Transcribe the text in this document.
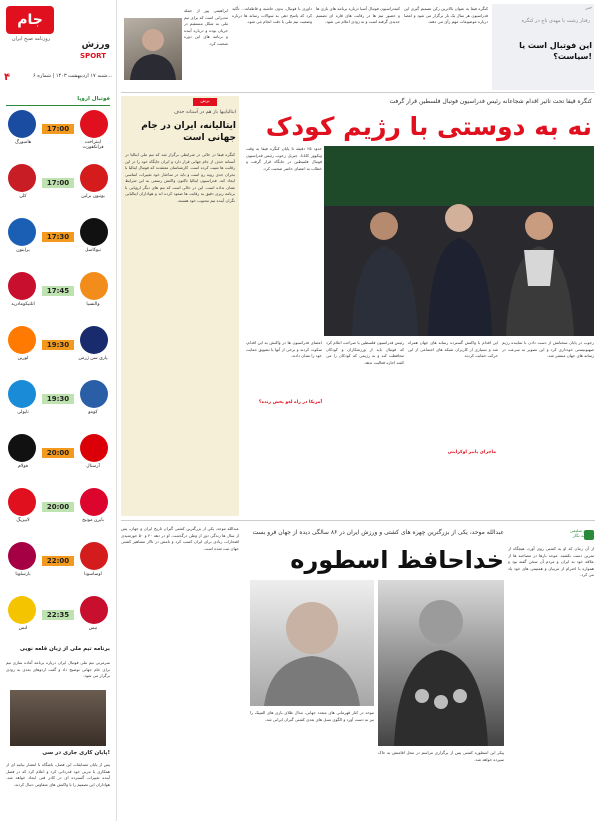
جام جم
روزنامه صبح ایران
ورزش
SPORT
۴	شنبه ۱۷ اردیبهشت ۱۴۰۳ | شماره ۶...
فوتبال اروپا
17:00
اینتراخت فرانکفورت
هامبورگ
17:00
یونیون برلین
کلن
17:30
نیوکاسل
برایتون
17:45
والنسیا
اتلتیکومادرید
19:30
پاری سن ژرمن
لورین
19:30
کومو
ناپولی
20:00
آرسنال
فولام
20:00
بایرن مونیخ
لایپزیگ
22:00
اوساسونا
بارسلونا
22:35
نیس
لنس
برنامه تیم ملی از زبان قلعه نویی
سرمربی تیم ملی فوتبال ایران درباره برنامه آماده سازی تیم برای جام جهانی توضیح داد و گفت اردوهای بعدی به زودی برگزار می شود.
پایان کاری جاری در سی!
پس از پایان مسابقات این فصل، باشگاه با انتشار بیانیه ای از همکاری با مربی خود قدردانی کرد و اعلام کرد که در فصل آینده تغییرات گسترده ای در کادر فنی ایجاد خواهد شد. هواداران این تصمیم را با واکنش های متفاوتی دنبال کردند.
ابراهیمی پور از جمله مدیرانی است که برای تیم ملی به شکل مستقیم در جریان بوده و درباره آینده و برنامه های این دوره صحبت کرد.
داوری با فوتبال، بدون حاشیه و قاطعانه... تأکید کرد که پاسخ دهی به سوالات رسانه ها درباره وضعیت تیم ملی با دقت انجام می شود.
کنفدراسیون فوتبال آسیا درباره برنامه های بازی ها و حضور تیم ها در رقابت های قاره ای تصمیم جدیدی گرفته است و به زودی اعلام می شود.
کنگره فیفا به عنوان بالاترین رکن تصمیم گیری این فدراسیون هر سال یک بار برگزار می شود و اعضا درباره موضوعات مهم رأی می دهند.
خبر
رفتار زشت با مهدی تاج در کنگره
این فوتبال است یا سیاست؟!
برش
ایتالیاییها باز هم در آستانه حذف
ایتالیانه، ایران در جام جهانی است
کنگره فیفا در حالی در شرایطی برگزار شد که تیم ملی ایتالیا در آستانه حذف از جام جهانی قرار دارد و ایران جایگاه خود را در این رقابت ها تثبیت کرده است. کارشناسان معتقدند که فوتبال ایتالیا با بحران جدی روبه رو است و باید در ساختار خود تغییرات اساسی ایجاد کند. فدراسیون ایتالیا تاکنون واکنش رسمی به این شرایط نشان نداده است. این در حالی است که تیم های دیگر اروپایی با برنامه ریزی دقیق به رقابت ها صعود کرده اند و هواداران ایتالیایی نگران آینده تیم محبوب خود هستند.
کنگره فیفا تحت تاثیر اقدام شجاعانه رئیس فدراسیون فوتبال فلسطین قرار گرفت
نه به دوستی با رژیم کودک
حدود ۲۵ دقیقه تا پایان کنگره فیفا به وقت ونکوور کانادا، جبریل رجوب رئیس فدراسیون فوتبال فلسطین در جایگاه قرار گرفت و خطاب به اعضای حاضر صحبت کرد.
اعضای فدراسیون ها در واکنش به این اقدام، سکوت کردند و برخی از آنها با تشویق حمایت خود را نشان دادند.
آمریکا در راه لغو پخش زنده؟
رئیس فدراسیون فلسطین با صراحت اعلام کرد که فوتبال باید از ورزشکاران و کودکان محافظت کند و به رژیمی که کودکان را می کشد اجازه فعالیت ندهد.
این اقدام با واکنش گسترده رسانه های جهان همراه شد و بسیاری از کاربران شبکه های اجتماعی از این حرکت حمایت کردند.
ماجرای پاییز اوکراینی
رجوب در پایان سخنانش از دست دادن با نماینده رژیم صهیونیستی خودداری کرد و این تصویر به سرعت در رسانه های جهان منتشر شد.
عبدالله موحد، یکی از بزرگترین کشتی گیران تاریخ ایران و جهان، پس از سال ها زندگی دور از وطن درگذشت. او در دهه ۴۰ و ۵۰ خورشیدی افتخارات زیادی برای ایران کسب کرد و نامش در تالار مشاهیر کشتی جهان ثبت شده است.
عبدالله موحد، یکی از بزرگترین چهره های کشتی و ورزش ایران در ۸۶ سالگی دیده از جهان فرو بست
خداحافظ اسطوره
موحد در کنار قهرمانی های متعدد جهانی، مدال طلای بازی های المپیک را نیز به دست آورد و الگوی نسل های بعدی کشتی گیران ایرانی شد.
پیکر این اسطوره کشتی پس از برگزاری مراسم در محل اقامتش به خاک سپرده خواهد شد.
حسین سلیمی روزنامه نگار
از آن زمان که او به کشتی روی آورد، هیچگاه از تمرین دست نکشید. موحد بارها در مصاحبه ها از علاقه خود به ایران و مردم آن سخن گفته بود و همواره با احترام از مربیان و همتیمی های خود یاد می کرد.
